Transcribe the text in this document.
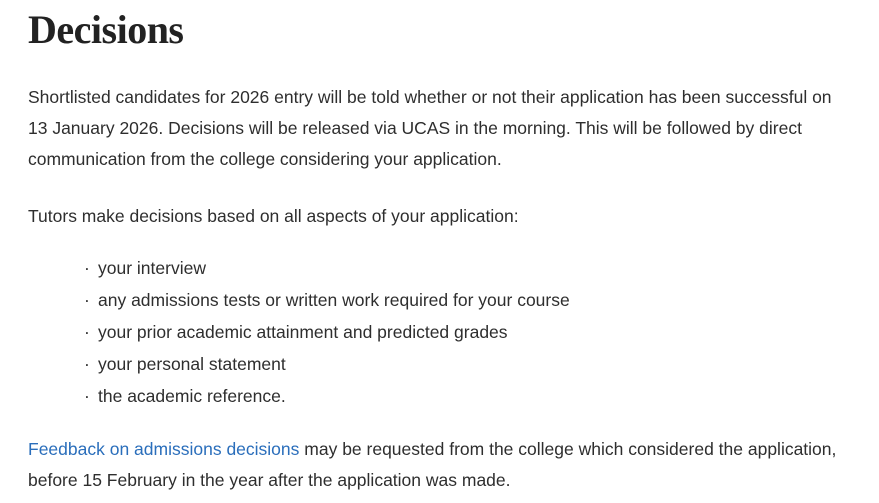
Decisions

Shortlisted candidates for 2026 entry will be told whether or not their application has been successful on 13 January 2026. Decisions will be released via UCAS in the morning. This will be followed by direct communication from the college considering your application.

Tutors make decisions based on all aspects of your application:

· your interview
· any admissions tests or written work required for your course
· your prior academic attainment and predicted grades
· your personal statement
· the academic reference.

Feedback on admissions decisions may be requested from the college which considered the application, before 15 February in the year after the application was made.
